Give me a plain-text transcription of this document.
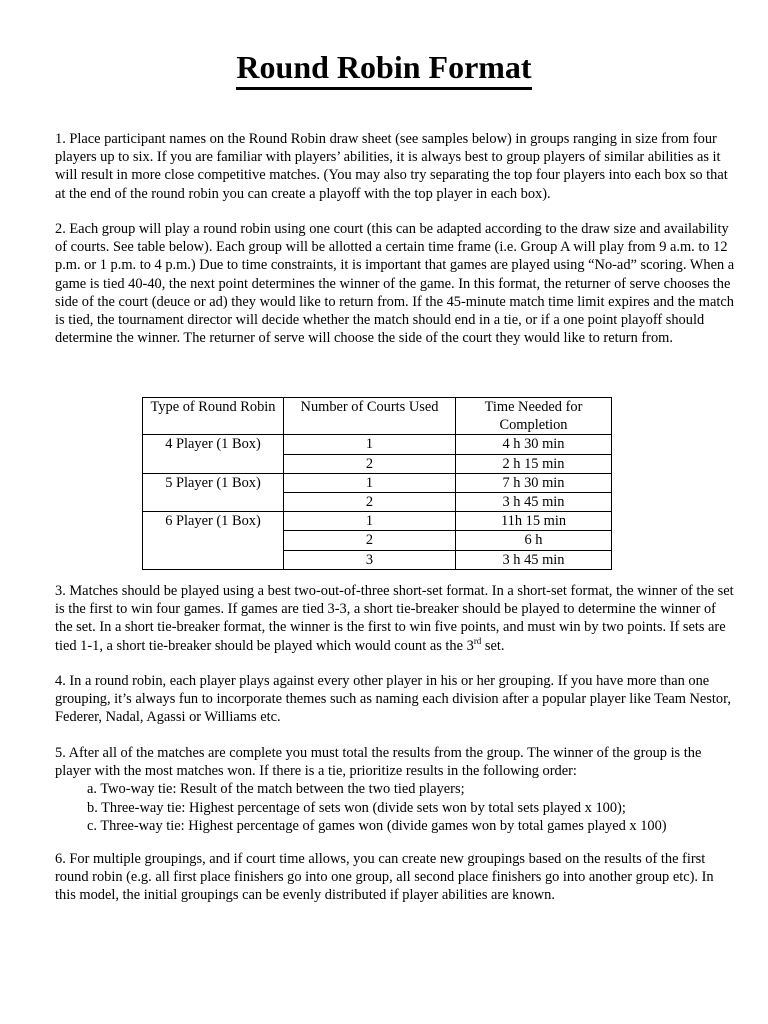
Round Robin Format
1. Place participant names on the Round Robin draw sheet (see samples below) in groups ranging in size from four players up to six. If you are familiar with players’ abilities, it is always best to group players of similar abilities as it will result in more close competitive matches. (You may also try separating the top four players into each box so that at the end of the round robin you can create a playoff with the top player in each box).
2. Each group will play a round robin using one court (this can be adapted according to the draw size and availability of courts. See table below). Each group will be allotted a certain time frame (i.e. Group A will play from 9 a.m. to 12 p.m. or 1 p.m. to 4 p.m.) Due to time constraints, it is important that games are played using “No-ad” scoring. When a game is tied 40-40, the next point determines the winner of the game. In this format, the returner of serve chooses the side of the court (deuce or ad) they would like to return from. If the 45-minute match time limit expires and the match is tied, the tournament director will decide whether the match should end in a tie, or if a one point playoff should determine the winner. The returner of serve will choose the side of the court they would like to return from.
Type of Round Robin	Number of Courts Used	Time Needed for Completion
4 Player (1 Box)	1	4 h 30 min
	2	2 h 15 min
5 Player (1 Box)	1	7 h 30 min
	2	3 h 45 min
6 Player (1 Box)	1	11h 15 min
	2	6 h
	3	3 h 45 min
3. Matches should be played using a best two-out-of-three short-set format. In a short-set format, the winner of the set is the first to win four games. If games are tied 3-3, a short tie-breaker should be played to determine the winner of the set. In a short tie-breaker format, the winner is the first to win five points, and must win by two points. If sets are tied 1-1, a short tie-breaker should be played which would count as the 3rd set.
4. In a round robin, each player plays against every other player in his or her grouping. If you have more than one grouping, it’s always fun to incorporate themes such as naming each division after a popular player like Team Nestor, Federer, Nadal, Agassi or Williams etc.
5. After all of the matches are complete you must total the results from the group. The winner of the group is the player with the most matches won. If there is a tie, prioritize results in the following order:
a. Two-way tie: Result of the match between the two tied players;
b. Three-way tie: Highest percentage of sets won (divide sets won by total sets played x 100);
c. Three-way tie: Highest percentage of games won (divide games won by total games played x 100)
6. For multiple groupings, and if court time allows, you can create new groupings based on the results of the first round robin (e.g. all first place finishers go into one group, all second place finishers go into another group etc). In this model, the initial groupings can be evenly distributed if player abilities are known.
